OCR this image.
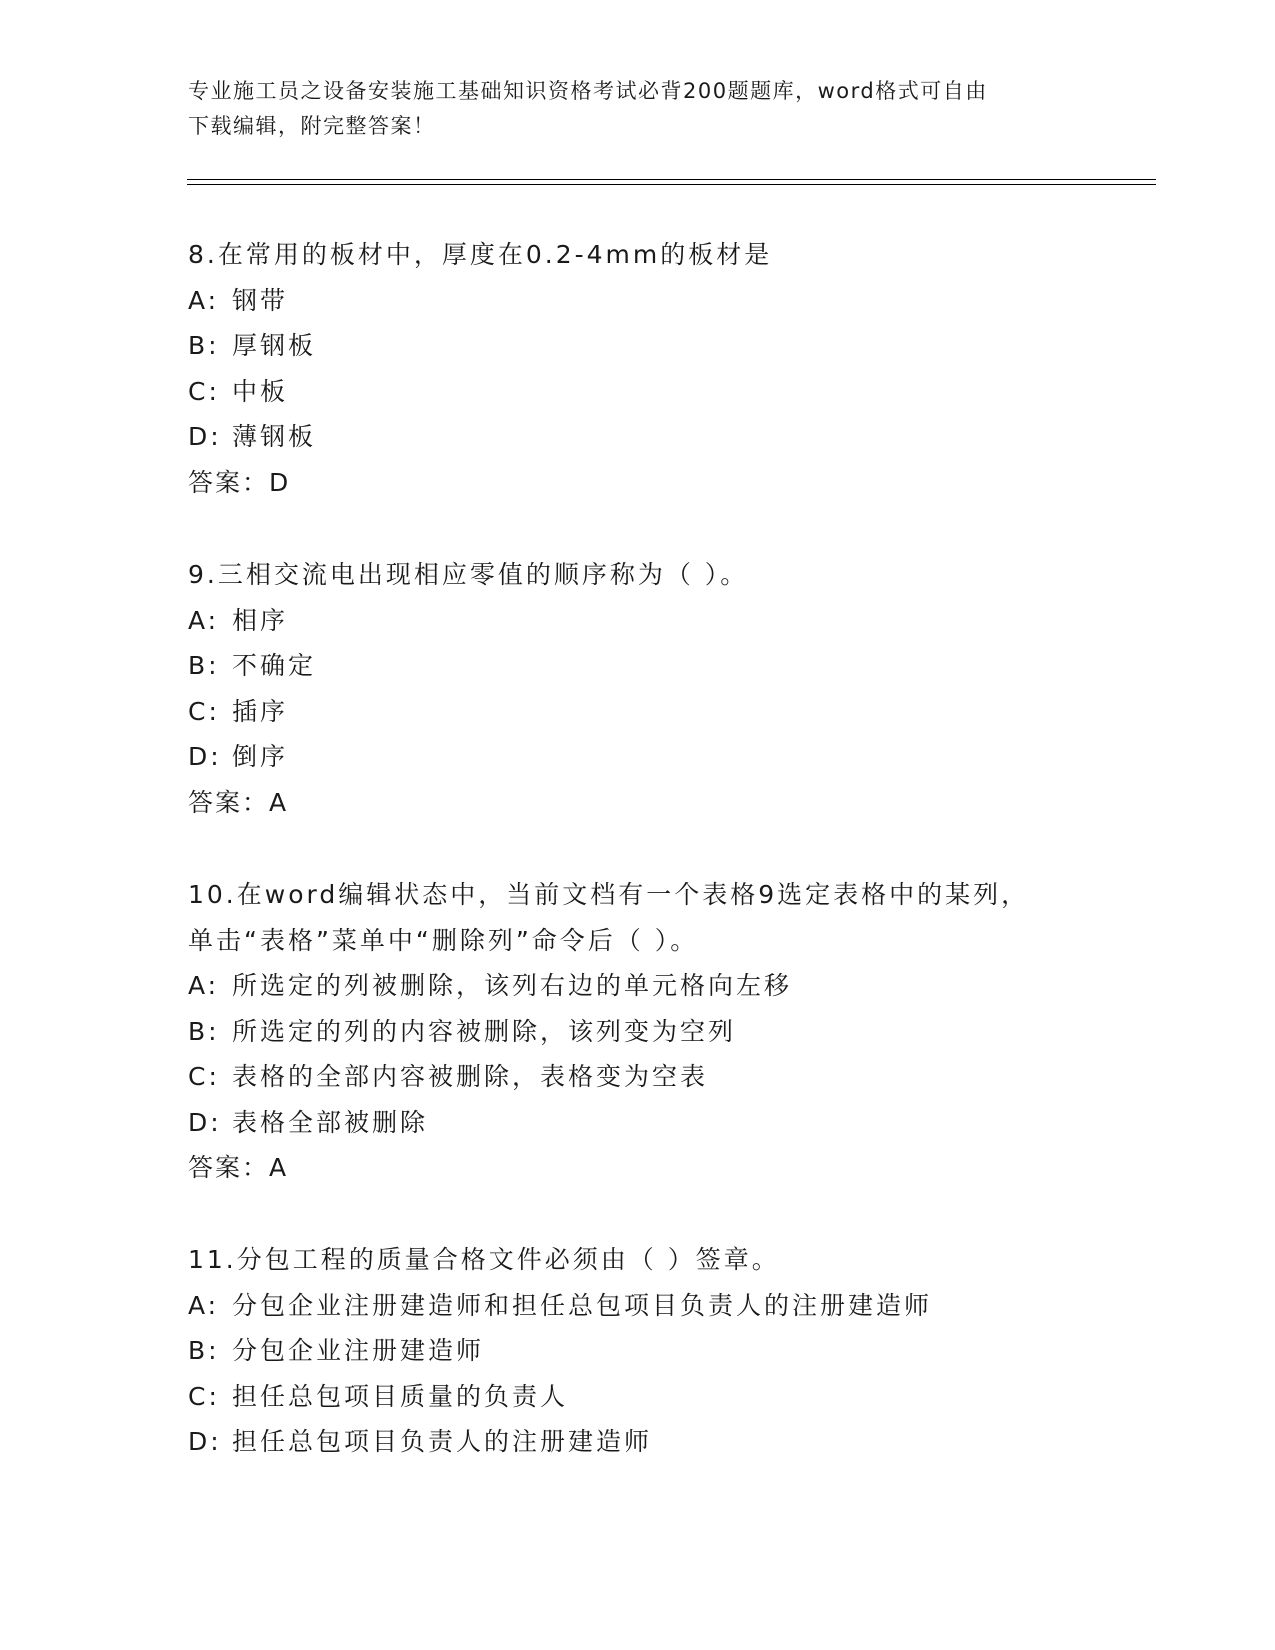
专业施工员之设备安装施工基础知识资格考试必背200题题库，word格式可自由
下载编辑，附完整答案！
8.在常用的板材中，厚度在0.2-4mm的板材是
A: 钢带
B: 厚钢板
C: 中板
D: 薄钢板
答案：D
9.三相交流电出现相应零值的顺序称为（ ）。
A: 相序
B: 不确定
C: 插序
D: 倒序
答案：A
10.在word编辑状态中，当前文档有一个表格9选定表格中的某列，
单击“表格”菜单中“删除列”命令后（ ）。
A: 所选定的列被删除，该列右边的单元格向左移
B: 所选定的列的内容被删除，该列变为空列
C: 表格的全部内容被删除，表格变为空表
D: 表格全部被删除
答案：A
11.分包工程的质量合格文件必须由（ ）签章。
A: 分包企业注册建造师和担任总包项目负责人的注册建造师
B: 分包企业注册建造师
C: 担任总包项目质量的负责人
D: 担任总包项目负责人的注册建造师
